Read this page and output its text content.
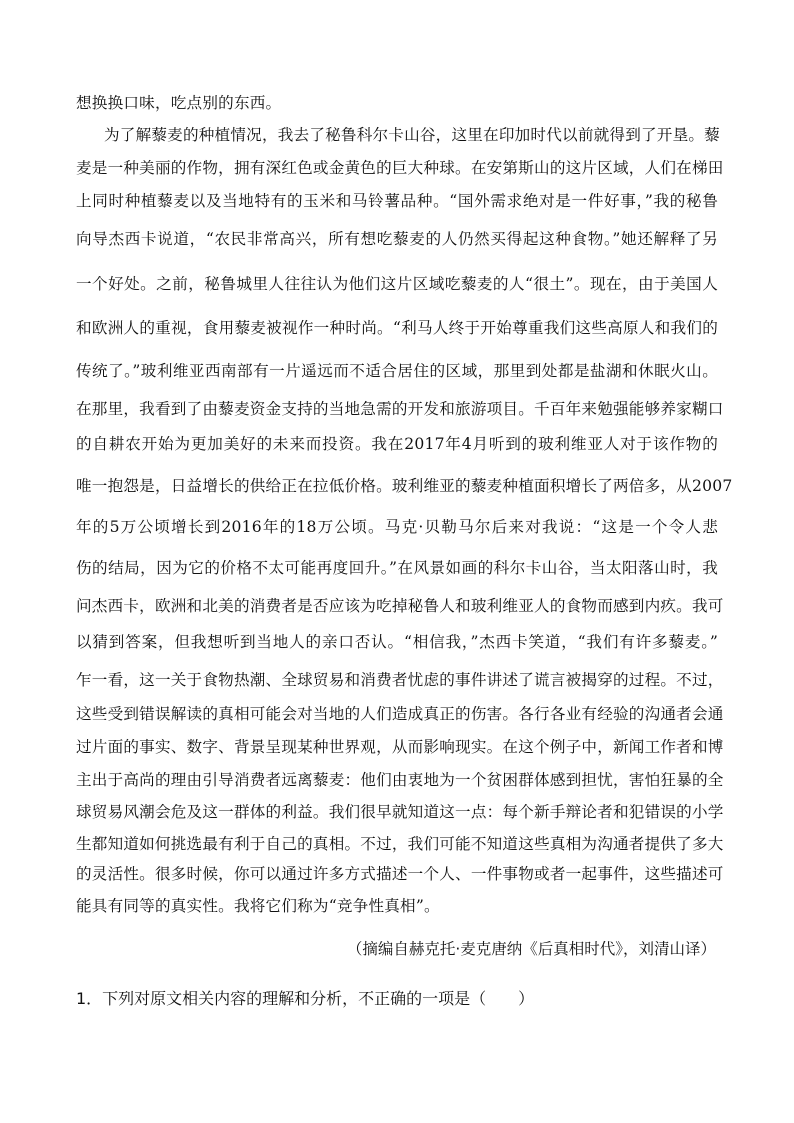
想换换口味，吃点别的东西。
为了解藜麦的种植情况，我去了秘鲁科尔卡山谷，这里在印加时代以前就得到了开垦。藜
麦是一种美丽的作物，拥有深红色或金黄色的巨大种球。在安第斯山的这片区域，人们在梯田
上同时种植藜麦以及当地特有的玉米和马铃薯品种。“国外需求绝对是一件好事，”我的秘鲁
向导杰西卡说道，“农民非常高兴，所有想吃藜麦的人仍然买得起这种食物。”她还解释了另
一个好处。之前，秘鲁城里人往往认为他们这片区域吃藜麦的人“很土”。现在，由于美国人
和欧洲人的重视，食用藜麦被视作一种时尚。“利马人终于开始尊重我们这些高原人和我们的
传统了。”玻利维亚西南部有一片遥远而不适合居住的区域，那里到处都是盐湖和休眠火山。
在那里，我看到了由藜麦资金支持的当地急需的开发和旅游项目。千百年来勉强能够养家糊口
的自耕农开始为更加美好的未来而投资。我在2017年4月听到的玻利维亚人对于该作物的
唯一抱怨是，日益增长的供给正在拉低价格。玻利维亚的藜麦种植面积增长了两倍多，从2007
年的5万公顷增长到2016年的18万公顷。马克·贝勒马尔后来对我说：“这是一个令人悲
伤的结局，因为它的价格不太可能再度回升。”在风景如画的科尔卡山谷，当太阳落山时，我
问杰西卡，欧洲和北美的消费者是否应该为吃掉秘鲁人和玻利维亚人的食物而感到内疚。我可
以猜到答案，但我想听到当地人的亲口否认。“相信我，”杰西卡笑道，“我们有许多藜麦。”
乍一看，这一关于食物热潮、全球贸易和消费者忧虑的事件讲述了谎言被揭穿的过程。不过，
这些受到错误解读的真相可能会对当地的人们造成真正的伤害。各行各业有经验的沟通者会通
过片面的事实、数字、背景呈现某种世界观，从而影响现实。在这个例子中，新闻工作者和博
主出于高尚的理由引导消费者远离藜麦：他们由衷地为一个贫困群体感到担忧，害怕狂暴的全
球贸易风潮会危及这一群体的利益。我们很早就知道这一点：每个新手辩论者和犯错误的小学
生都知道如何挑选最有利于自己的真相。不过，我们可能不知道这些真相为沟通者提供了多大
的灵活性。很多时候，你可以通过许多方式描述一个人、一件事物或者一起事件，这些描述可
能具有同等的真实性。我将它们称为“竞争性真相”。
（摘编自赫克托·麦克唐纳《后真相时代》，刘清山译）
1．下列对原文相关内容的理解和分析，不正确的一项是（　　）
